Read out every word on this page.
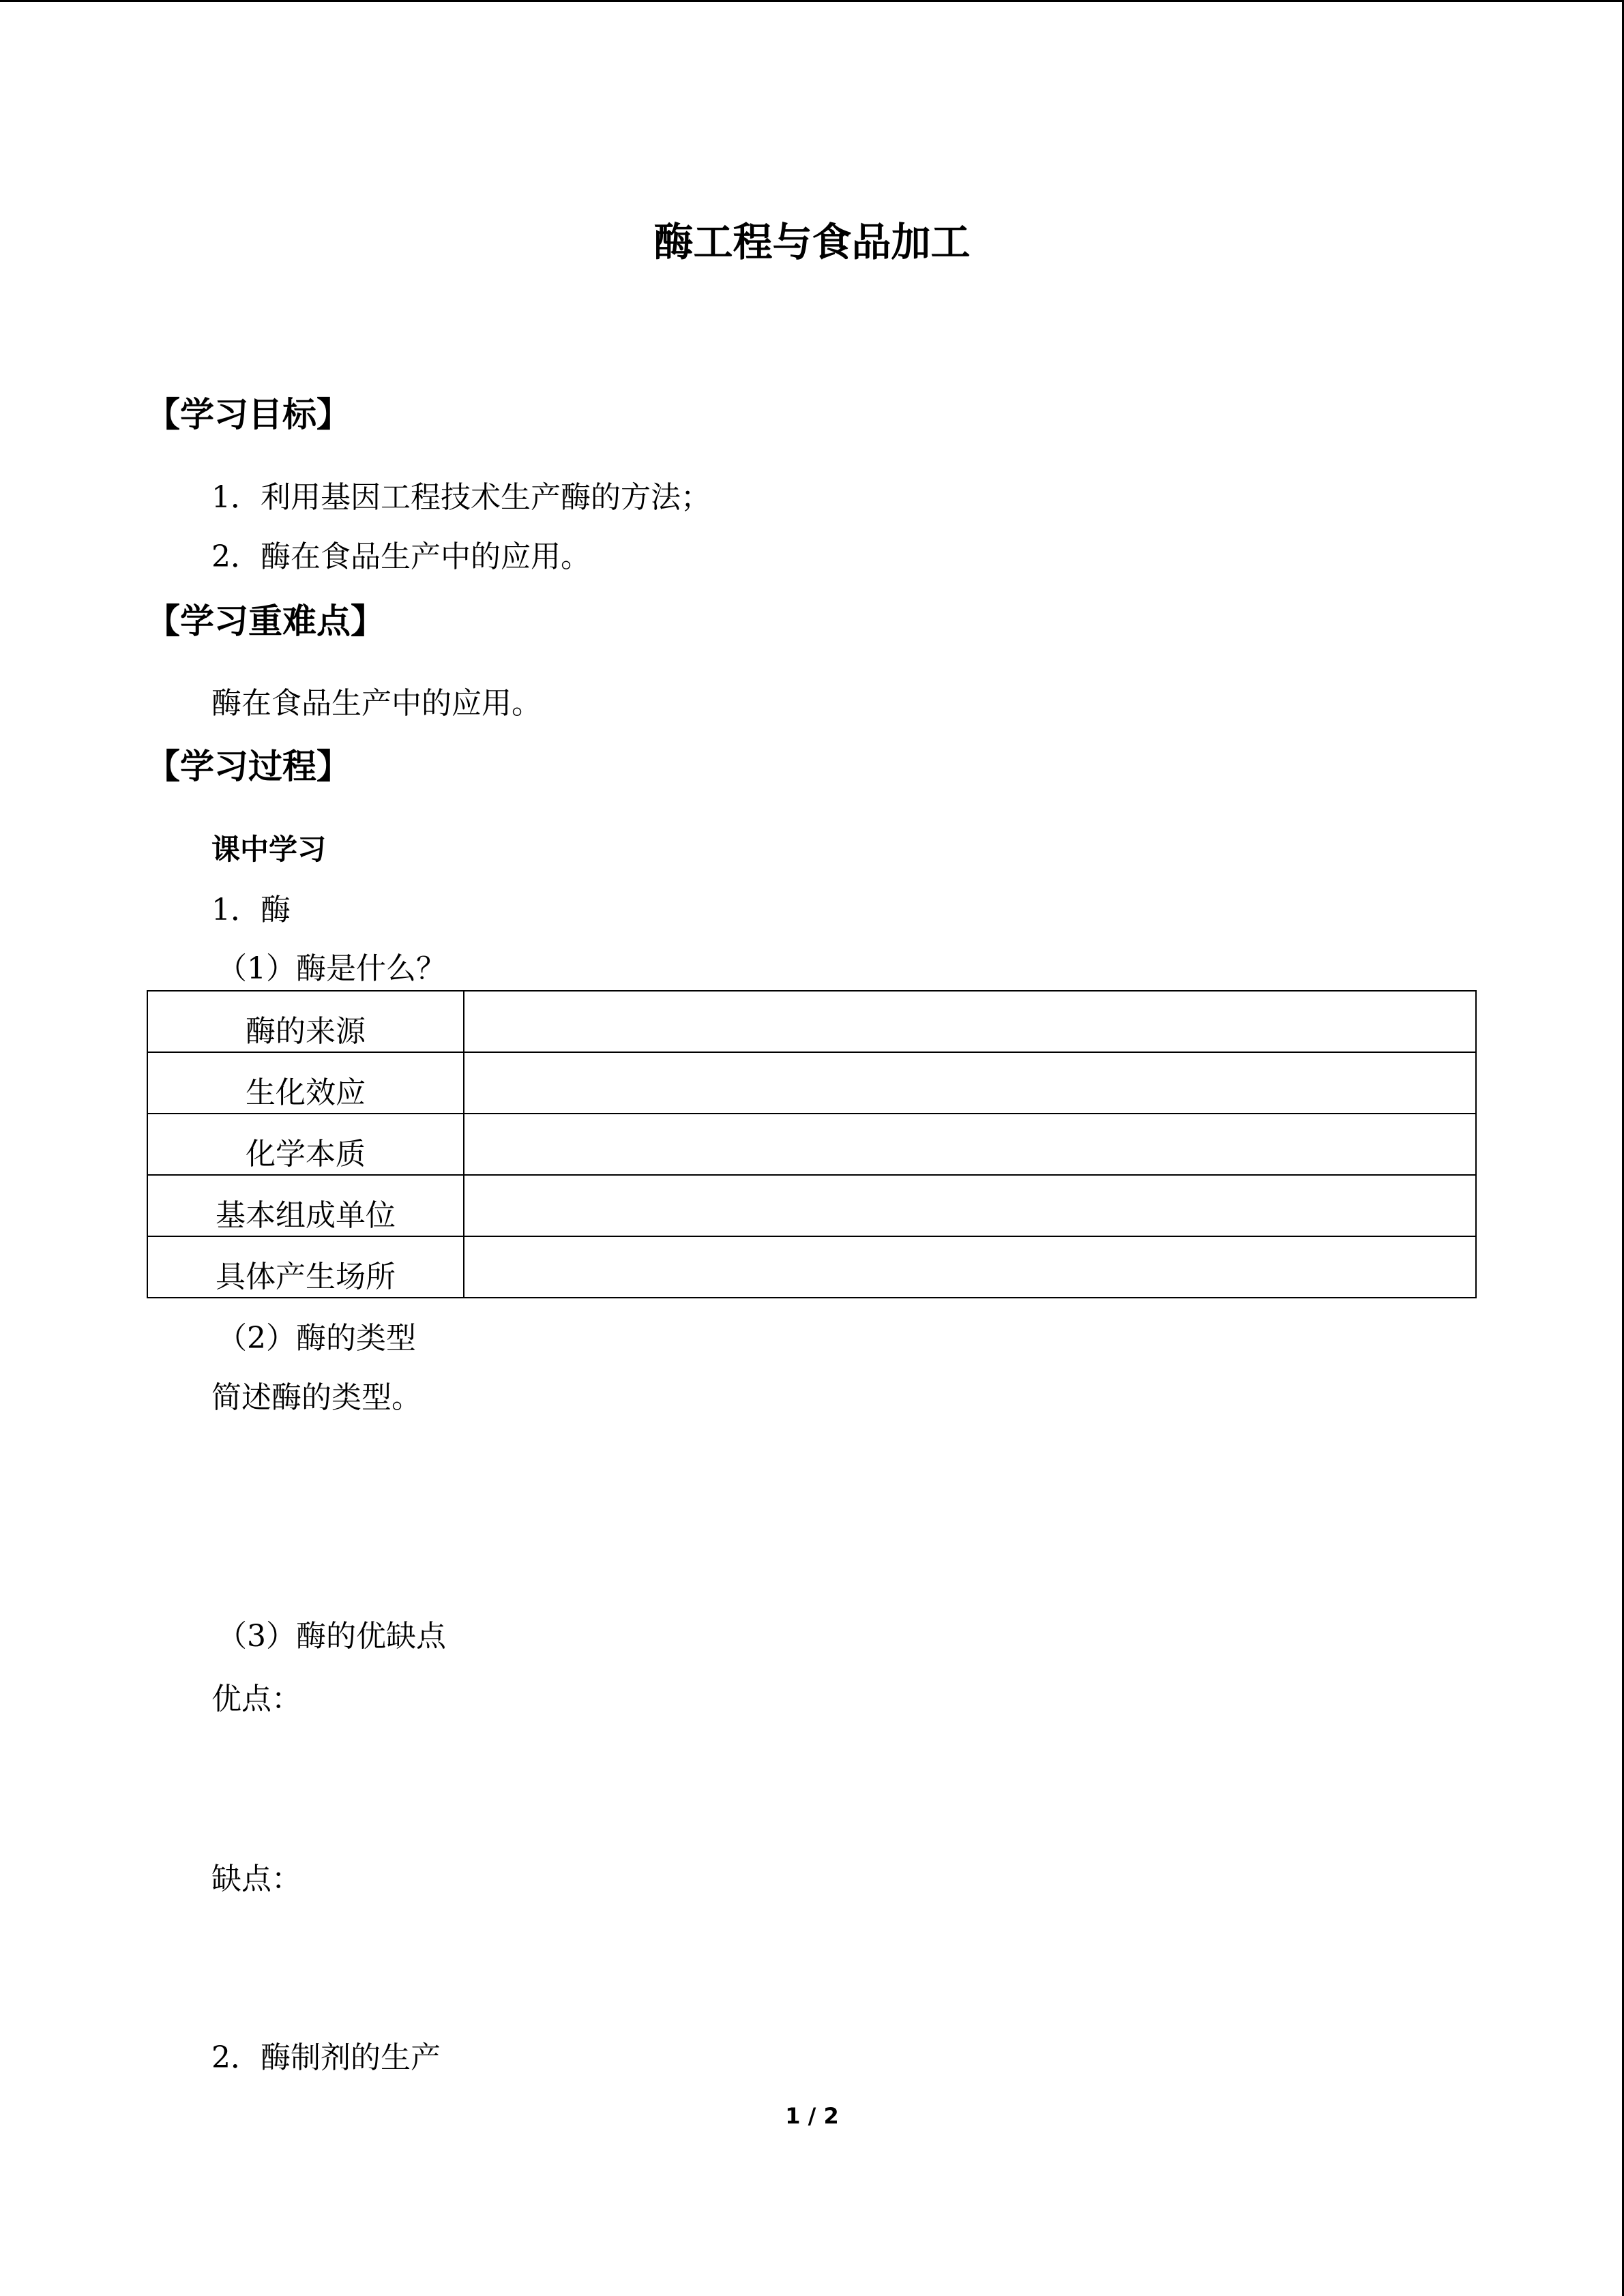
酶工程与食品加工
【学习目标】
1．利用基因工程技术生产酶的方法；
2．酶在食品生产中的应用。
【学习重难点】
酶在食品生产中的应用。
【学习过程】
课中学习
1．酶
（1）酶是什么？
酶的来源	
生化效应	
化学本质	
基本组成单位	
具体产生场所	
（2）酶的类型
简述酶的类型。
（3）酶的优缺点
优点：
缺点：
2．酶制剂的生产
1 / 2
